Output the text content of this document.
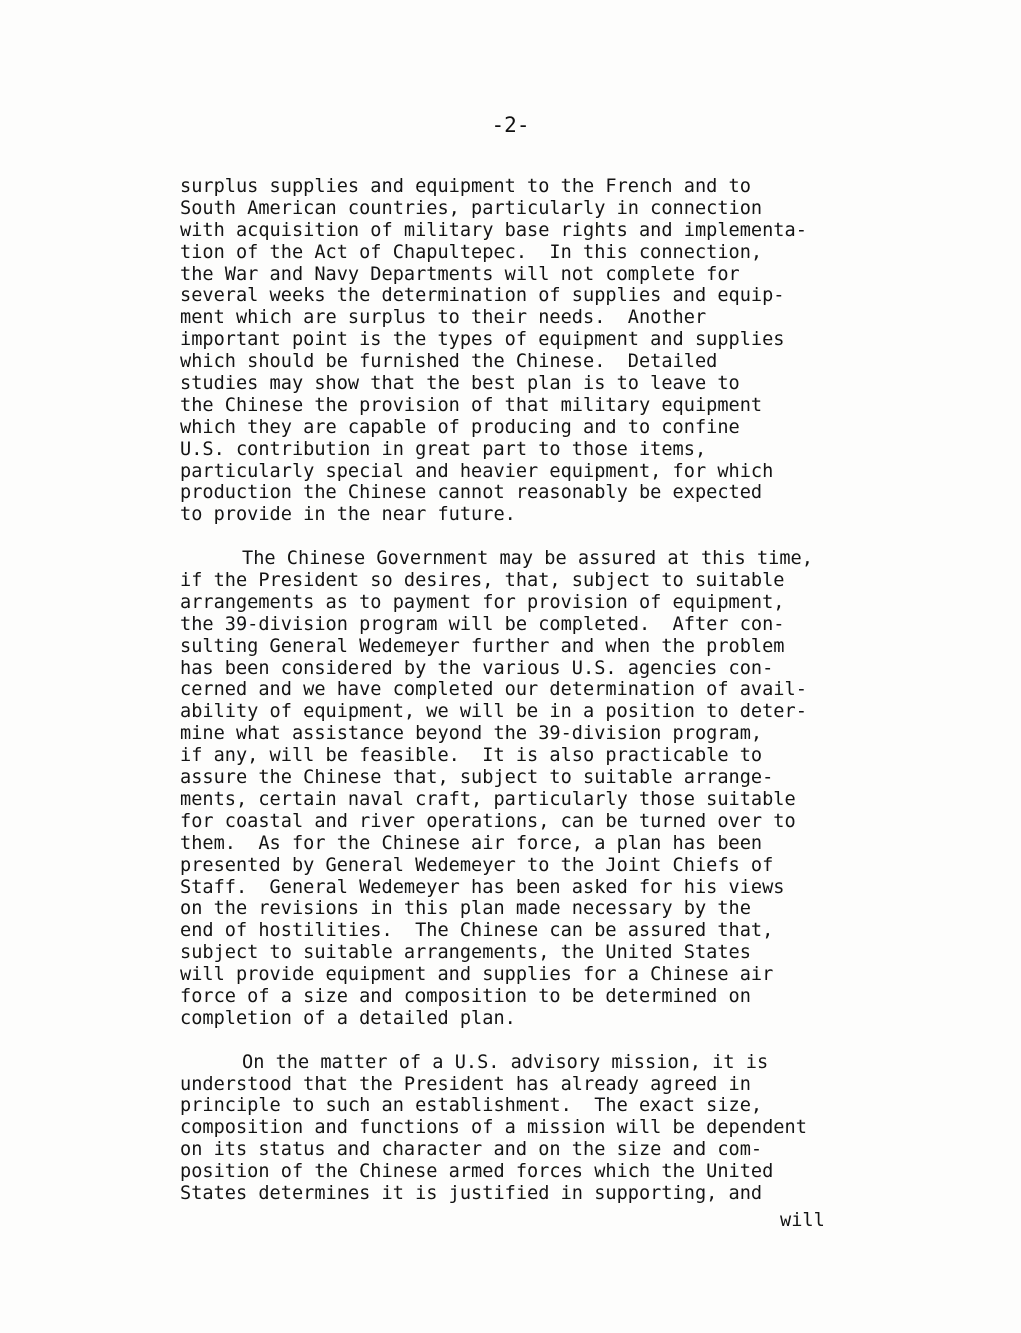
-2-
surplus supplies and equipment to the French and to
South American countries, particularly in connection
with acquisition of military base rights and implementa-
tion of the Act of Chapultepec.  In this connection,
the War and Navy Departments will not complete for
several weeks the determination of supplies and equip-
ment which are surplus to their needs.  Another
important point is the types of equipment and supplies
which should be furnished the Chinese.  Detailed
studies may show that the best plan is to leave to
the Chinese the provision of that military equipment
which they are capable of producing and to confine
U.S. contribution in great part to those items,
particularly special and heavier equipment, for which
production the Chinese cannot reasonably be expected
to provide in the near future.
The Chinese Government may be assured at this time,
if the President so desires, that, subject to suitable
arrangements as to payment for provision of equipment,
the 39-division program will be completed.  After con-
sulting General Wedemeyer further and when the problem
has been considered by the various U.S. agencies con-
cerned and we have completed our determination of avail-
ability of equipment, we will be in a position to deter-
mine what assistance beyond the 39-division program,
if any, will be feasible.  It is also practicable to
assure the Chinese that, subject to suitable arrange-
ments, certain naval craft, particularly those suitable
for coastal and river operations, can be turned over to
them.  As for the Chinese air force, a plan has been
presented by General Wedemeyer to the Joint Chiefs of
Staff.  General Wedemeyer has been asked for his views
on the revisions in this plan made necessary by the
end of hostilities.  The Chinese can be assured that,
subject to suitable arrangements, the United States
will provide equipment and supplies for a Chinese air
force of a size and composition to be determined on
completion of a detailed plan.
On the matter of a U.S. advisory mission, it is
understood that the President has already agreed in
principle to such an establishment.  The exact size,
composition and functions of a mission will be dependent
on its status and character and on the size and com-
position of the Chinese armed forces which the United
States determines it is justified in supporting, and
will
